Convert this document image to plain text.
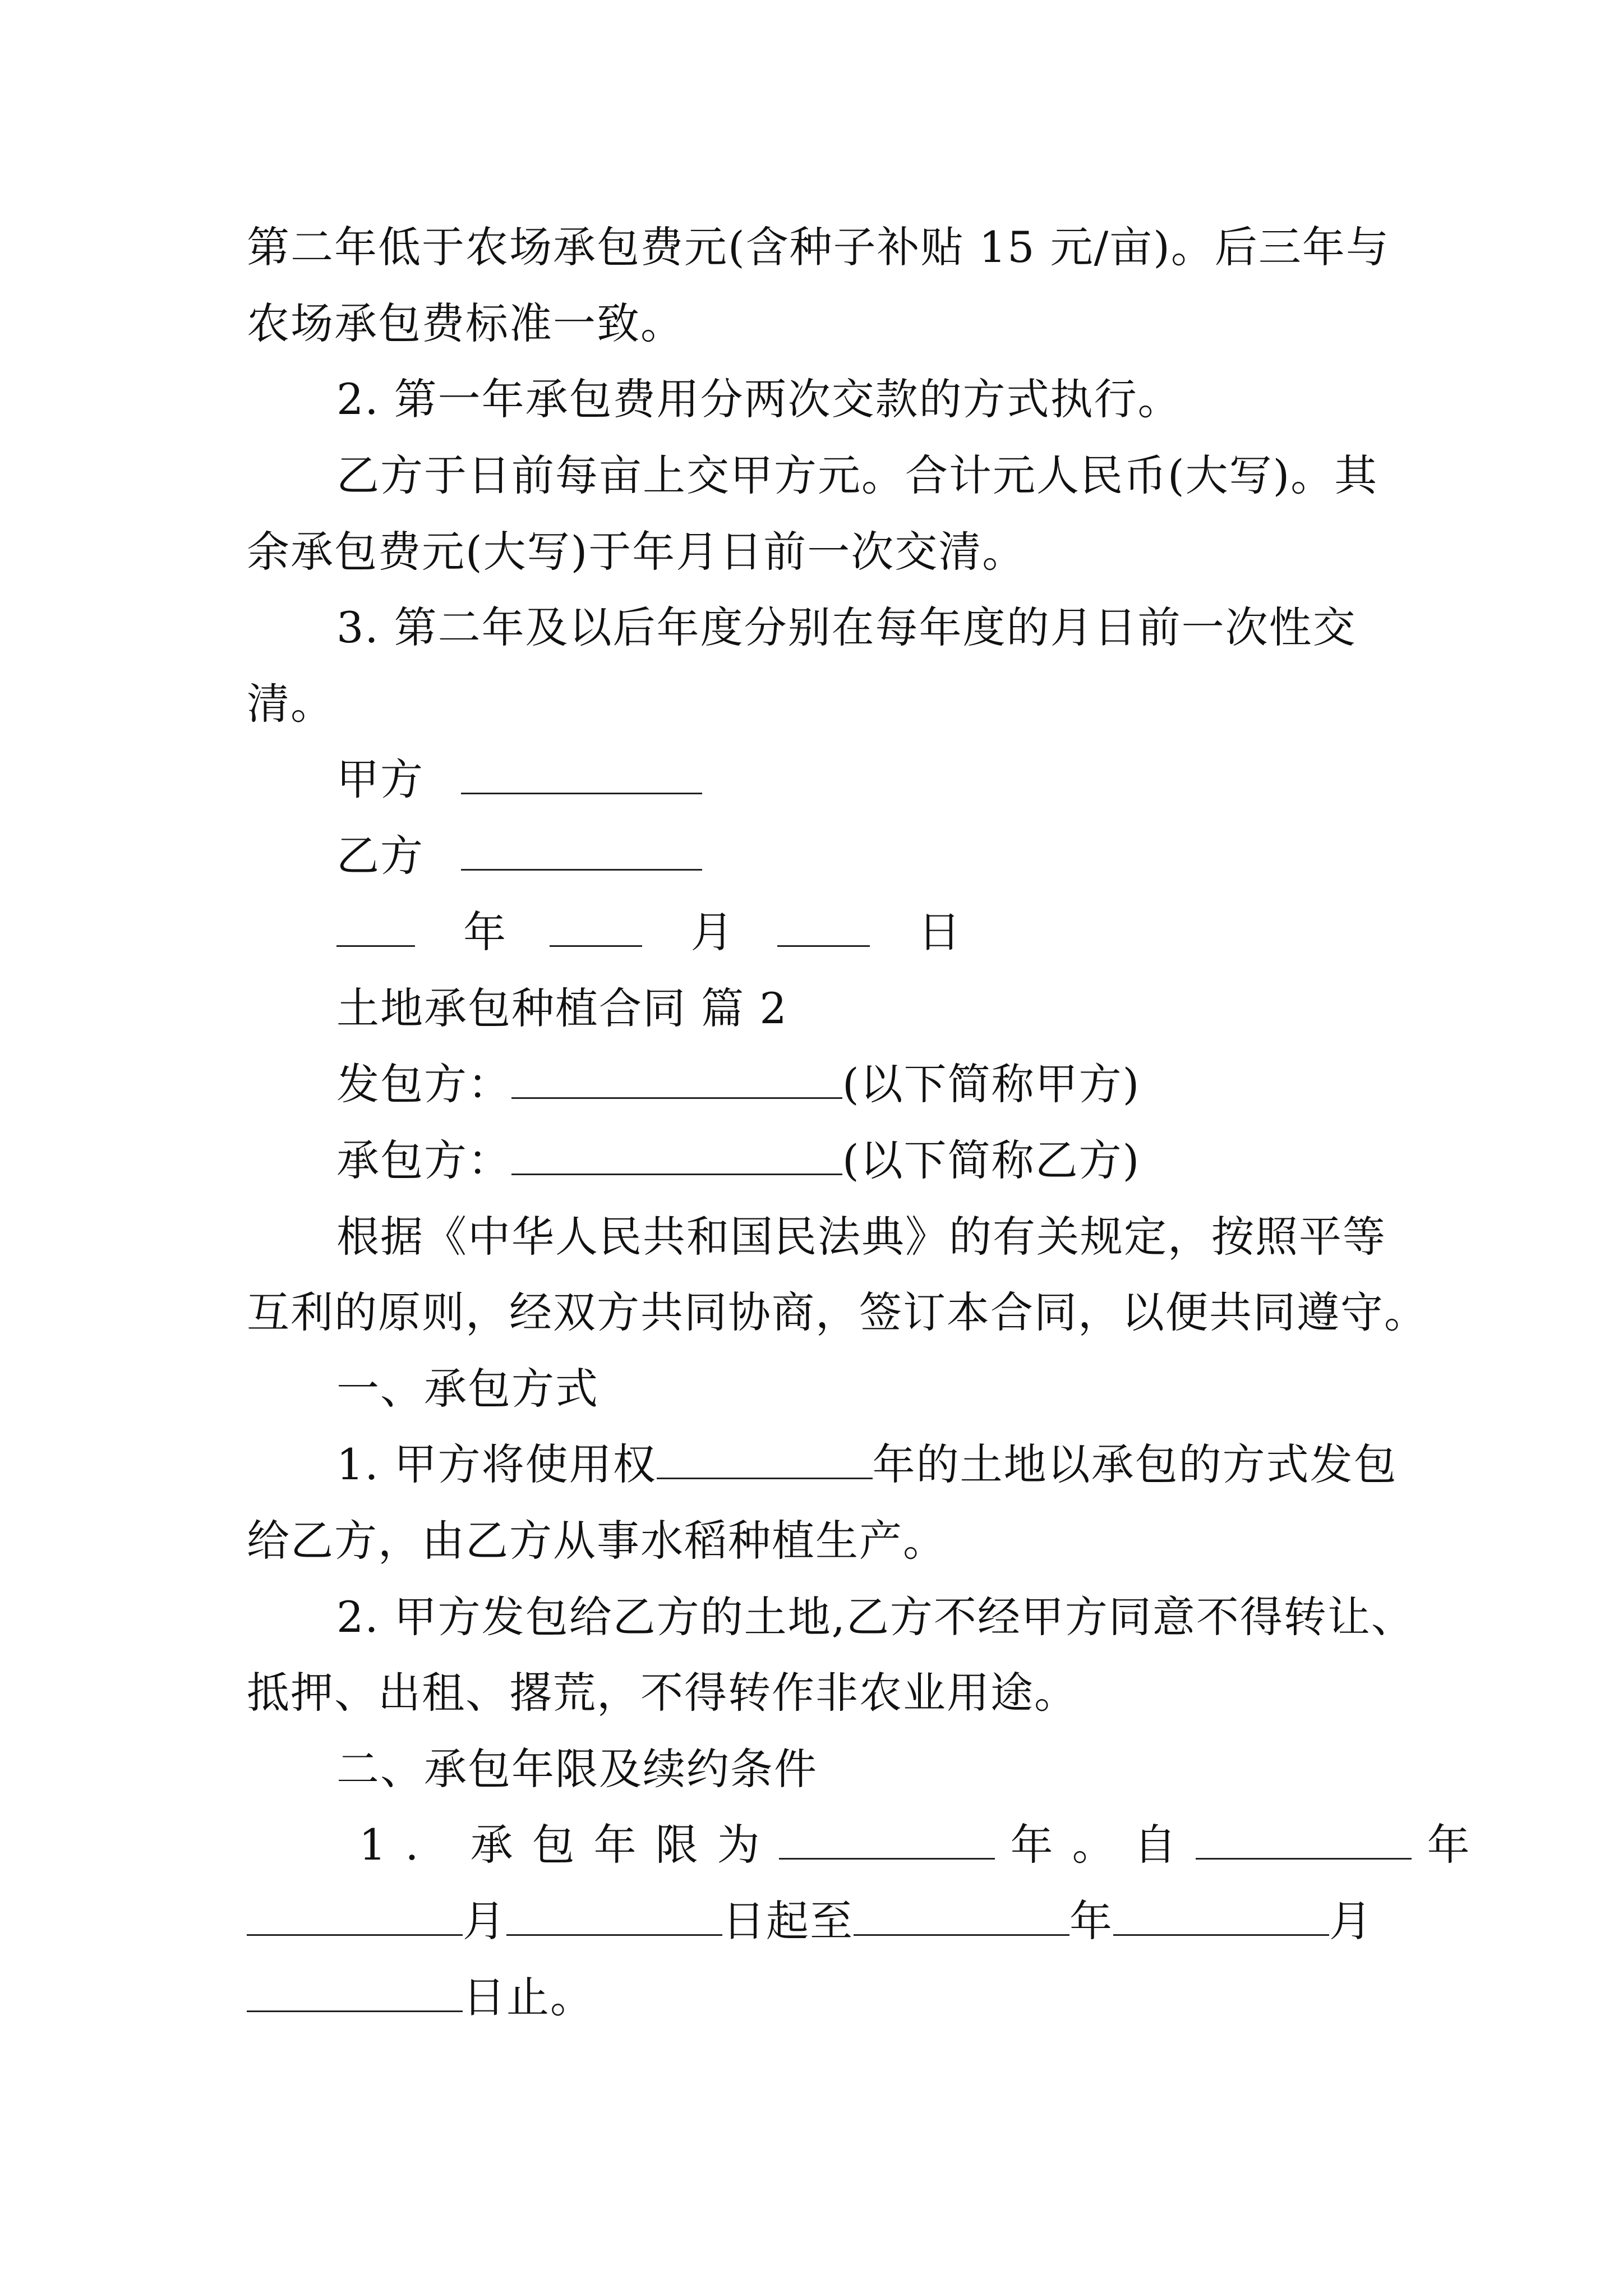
第二年低于农场承包费元(含种子补贴 15 元/亩)。后三年与
农场承包费标准一致。
2. 第一年承包费用分两次交款的方式执行。
乙方于日前每亩上交甲方元。合计元人民币(大写)。其
余承包费元(大写)于年月日前一次交清。
3. 第二年及以后年度分别在每年度的月日前一次性交
清。
甲方
乙方
年	月	日
土地承包种植合同 篇 2
发包方：	(以下简称甲方)
承包方：	(以下简称乙方)
根据《中华人民共和国民法典》的有关规定，按照平等
互利的原则，经双方共同协商，签订本合同，以便共同遵守。
一、承包方式
1. 甲方将使用权	年的土地以承包的方式发包
给乙方，由乙方从事水稻种植生产。
2. 甲方发包给乙方的土地,乙方不经甲方同意不得转让、
抵押、出租、撂荒，不得转作非农业用途。
二、承包年限及续约条件
1. 承包年限为	年。自	年
月	日起至	年	月
日止。
